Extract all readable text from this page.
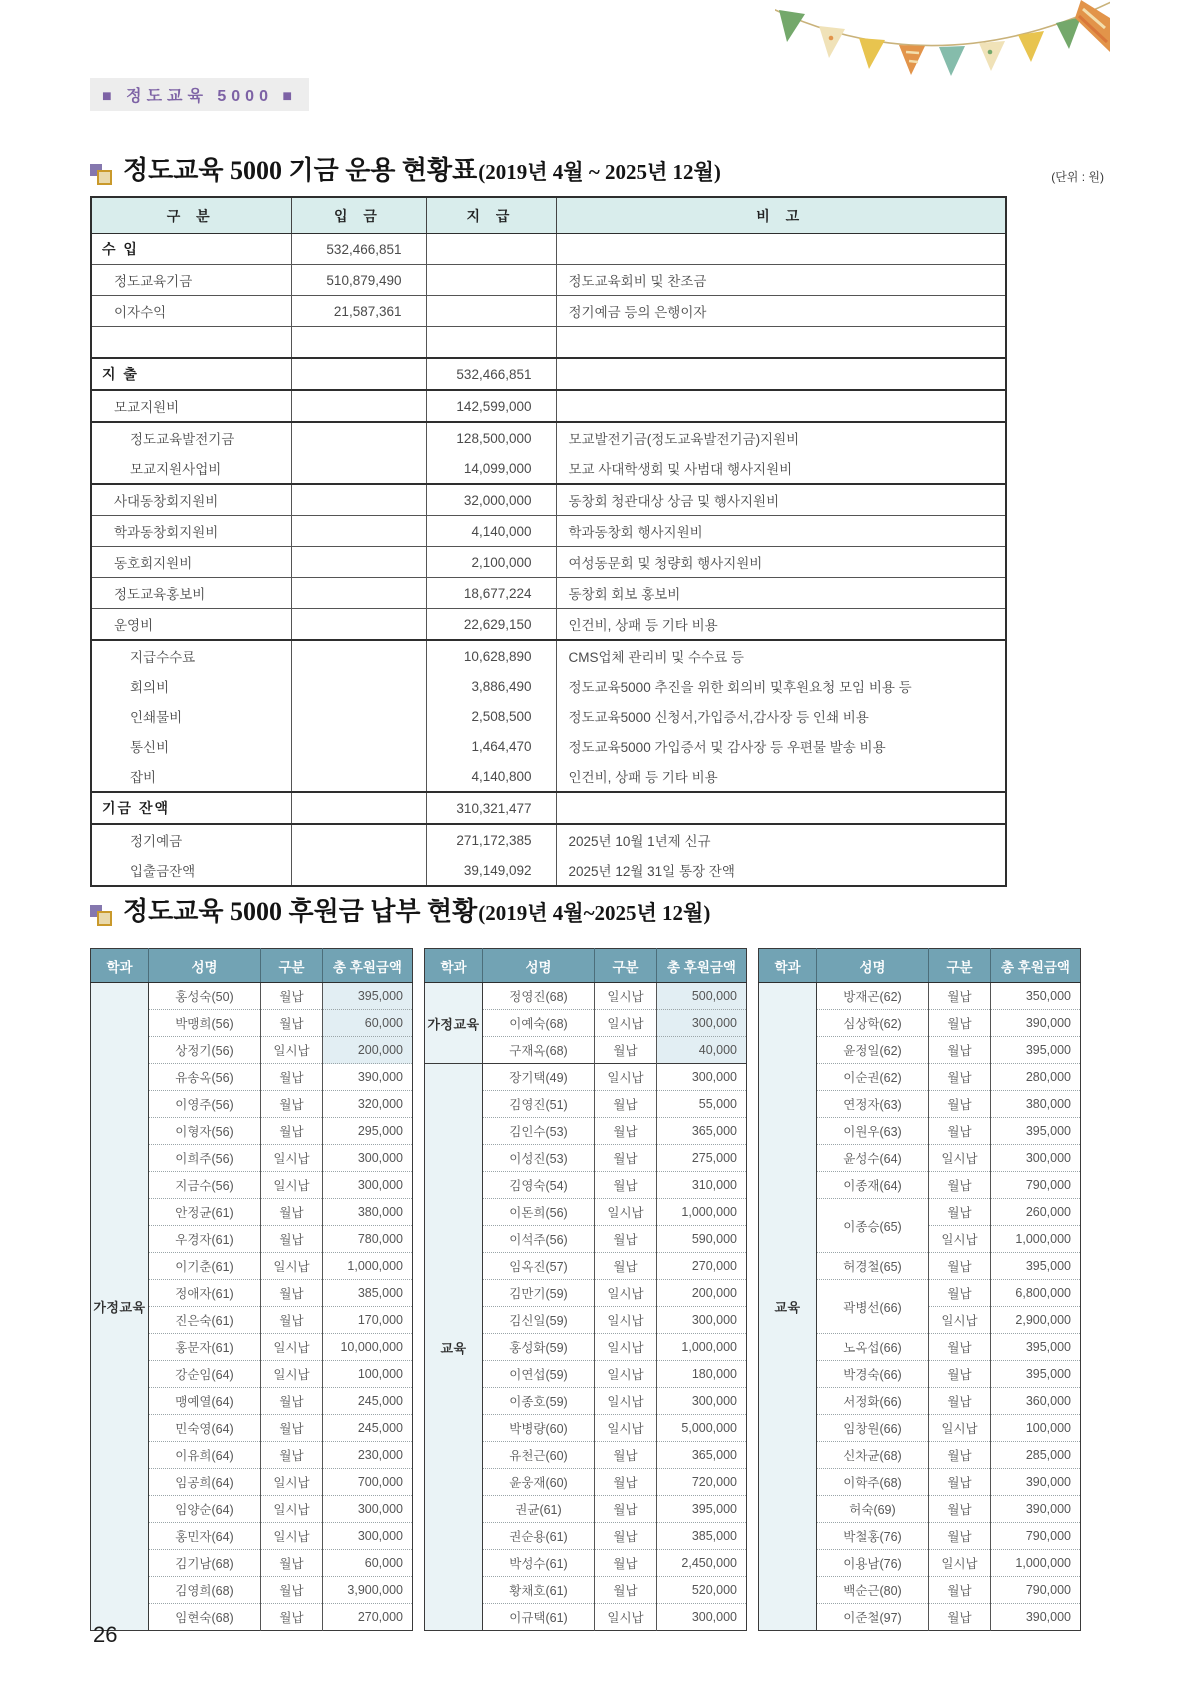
■ 정도교육 5000 ■
정도교육 5000 기금 운용 현황표 (2019년 4월 ~ 2025년 12월)	(단위 : 원)
구 분	입 금	지 급	비 고
수 입	532,466,851		
정도교육기금	510,879,490		정도교육회비 및 찬조금
이자수익	21,587,361		정기예금 등의 은행이자

지 출		532,466,851	
모교지원비		142,599,000	
정도교육발전기금		128,500,000	모교발전기금(정도교육발전기금)지원비
모교지원사업비		14,099,000	모교 사대학생회 및 사범대 행사지원비
사대동창회지원비		32,000,000	동창회 청관대상 상금 및 행사지원비
학과동창회지원비		4,140,000	학과동창회 행사지원비
동호회지원비		2,100,000	여성동문회 및 청량회 행사지원비
정도교육홍보비		18,677,224	동창회 회보 홍보비
운영비		22,629,150	인건비, 상패 등 기타 비용
지급수수료		10,628,890	CMS업체 관리비 및 수수료 등
회의비		3,886,490	정도교육5000 추진을 위한 회의비 및후원요청 모임 비용 등
인쇄물비		2,508,500	정도교육5000 신청서,가입증서,감사장 등 인쇄 비용
통신비		1,464,470	정도교육5000 가입증서 및 감사장 등 우편물 발송 비용
잡비		4,140,800	인건비, 상패 등 기타 비용
기금 잔액		310,321,477	
정기예금		271,172,385	2025년 10월 1년제 신규
입출금잔액		39,149,092	2025년 12월 31일 통장 잔액
정도교육 5000 후원금 납부 현황 (2019년 4월~2025년 12월)
학과	성명	구분	총 후원금액
가정교육	홍성숙(50)	월납	395,000
	박맹희(56)	월납	60,000
	상정기(56)	일시납	200,000
	유송옥(56)	월납	390,000
	이영주(56)	월납	320,000
	이형자(56)	월납	295,000
	이희주(56)	일시납	300,000
	지금수(56)	일시납	300,000
	안정균(61)	월납	380,000
	우경자(61)	월납	780,000
	이기춘(61)	일시납	1,000,000
	정애자(61)	월납	385,000
	진은숙(61)	월납	170,000
	홍문자(61)	일시납	10,000,000
	강순임(64)	일시납	100,000
	맹예열(64)	월납	245,000
	민숙영(64)	월납	245,000
	이유희(64)	월납	230,000
	임공희(64)	일시납	700,000
	임양순(64)	일시납	300,000
	홍민자(64)	일시납	300,000
	김기남(68)	월납	60,000
	김영희(68)	월납	3,900,000
	임현숙(68)	월납	270,000
학과	성명	구분	총 후원금액
가정교육	정영진(68)	일시납	500,000
	이예숙(68)	일시납	300,000
	구재옥(68)	월납	40,000
교육	장기택(49)	일시납	300,000
	김영진(51)	월납	55,000
	김인수(53)	월납	365,000
	이성진(53)	월납	275,000
	김영숙(54)	월납	310,000
	이돈희(56)	일시납	1,000,000
	이석주(56)	월납	590,000
	임옥진(57)	월납	270,000
	김만기(59)	일시납	200,000
	김신일(59)	일시납	300,000
	홍성화(59)	일시납	1,000,000
	이연섭(59)	일시납	180,000
	이종호(59)	일시납	300,000
	박병량(60)	일시납	5,000,000
	유천근(60)	월납	365,000
	윤웅재(60)	월납	720,000
	권균(61)	월납	395,000
	권순용(61)	월납	385,000
	박성수(61)	월납	2,450,000
	황채호(61)	월납	520,000
	이규택(61)	일시납	300,000
학과	성명	구분	총 후원금액
교육	방재곤(62)	월납	350,000
	심상학(62)	월납	390,000
	윤정일(62)	월납	395,000
	이순권(62)	월납	280,000
	연정자(63)	월납	380,000
	이원우(63)	월납	395,000
	윤성수(64)	일시납	300,000
	이종재(64)	월납	790,000
	이종승(65)	월납	260,000
		일시납	1,000,000
	허경철(65)	월납	395,000
	곽병선(66)	월납	6,800,000
		일시납	2,900,000
	노옥섭(66)	월납	395,000
	박경숙(66)	월납	395,000
	서정화(66)	월납	360,000
	임창원(66)	일시납	100,000
	신차균(68)	월납	285,000
	이학주(68)	월납	390,000
	허숙(69)	월납	390,000
	박철홍(76)	월납	790,000
	이용남(76)	일시납	1,000,000
	백순근(80)	월납	790,000
	이준철(97)	월납	390,000
26
